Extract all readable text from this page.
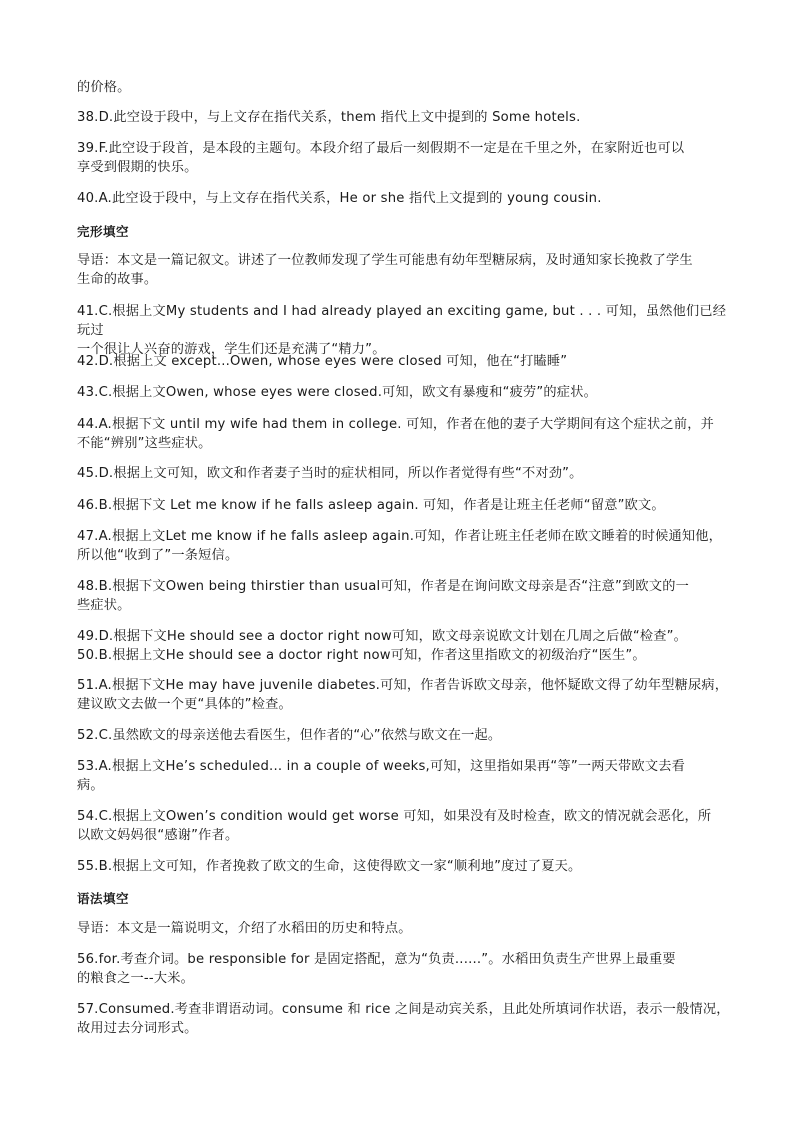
的价格。
38.D.此空设于段中，与上文存在指代关系，them 指代上文中提到的 Some hotels.
39.F.此空设于段首，是本段的主题句。本段介绍了最后一刻假期不一定是在千里之外，在家附近也可以
享受到假期的快乐。
40.A.此空设于段中，与上文存在指代关系，He or she 指代上文提到的 young cousin.
完形填空
导语：本文是一篇记叙文。讲述了一位教师发现了学生可能患有幼年型糖尿病，及时通知家长挽救了学生
生命的故事。
41.C.根据上文My students and I had already played an exciting game, but . . . 可知，虽然他们已经玩过
一个很让人兴奋的游戏，学生们还是充满了“精力”。
42.D.根据上文 except...Owen, whose eyes were closed 可知，他在“打瞌睡”
43.C.根据上文Owen, whose eyes were closed.可知，欧文有暴瘦和“疲劳”的症状。
44.A.根据下文 until my wife had them in college. 可知，作者在他的妻子大学期间有这个症状之前，并
不能“辨别”这些症状。
45.D.根据上文可知，欧文和作者妻子当时的症状相同，所以作者觉得有些“不对劲”。
46.B.根据下文 Let me know if he falls asleep again. 可知，作者是让班主任老师“留意”欧文。
47.A.根据上文Let me know if he falls asleep again.可知，作者让班主任老师在欧文睡着的时候通知他，
所以他“收到了”一条短信。
48.B.根据下文Owen being thirstier than usual可知，作者是在询问欧文母亲是否“注意”到欧文的一
些症状。
49.D.根据下文He should see a doctor right now可知，欧文母亲说欧文计划在几周之后做“检查”。
50.B.根据上文He should see a doctor right now可知，作者这里指欧文的初级治疗“医生”。
51.A.根据下文He may have juvenile diabetes.可知，作者告诉欧文母亲，他怀疑欧文得了幼年型糖尿病，
建议欧文去做一个更“具体的”检查。
52.C.虽然欧文的母亲送他去看医生，但作者的“心”依然与欧文在一起。
53.A.根据上文He’s scheduled... in a couple of weeks,可知，这里指如果再“等”一两天带欧文去看
病。
54.C.根据上文Owen’s condition would get worse 可知，如果没有及时检查，欧文的情况就会恶化，所
以欧文妈妈很“感谢”作者。
55.B.根据上文可知，作者挽救了欧文的生命，这使得欧文一家“顺利地”度过了夏天。
语法填空
导语：本文是一篇说明文，介绍了水稻田的历史和特点。
56.for.考查介词。be responsible for 是固定搭配，意为“负责......”。水稻田负责生产世界上最重要
的粮食之一--大米。
57.Consumed.考查非谓语动词。consume 和 rice 之间是动宾关系，且此处所填词作状语，表示一般情况，
故用过去分词形式。
